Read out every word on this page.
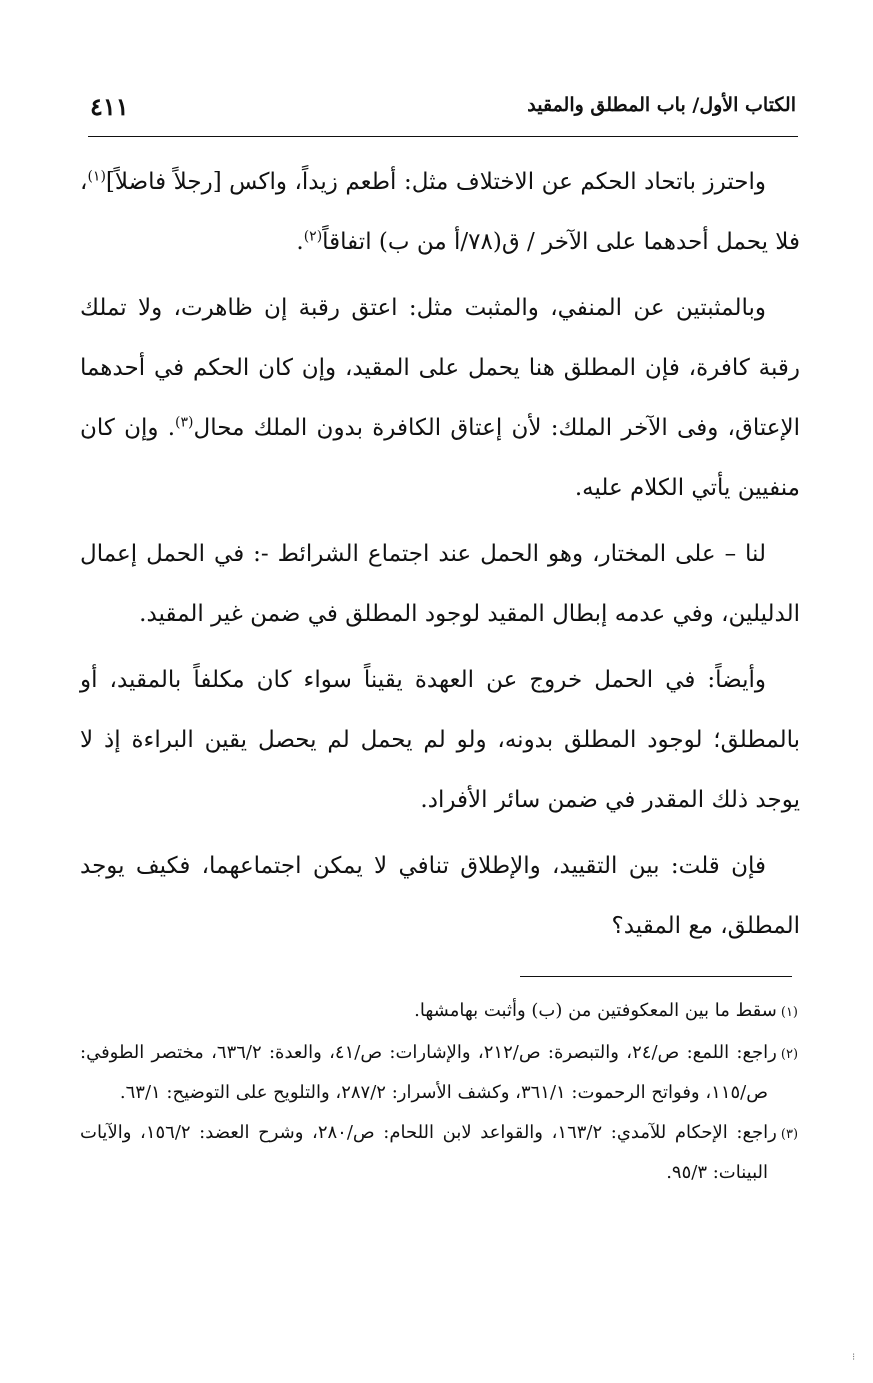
الكتاب الأول/ باب المطلق والمقيد
٤١١

واحترز باتحاد الحكم عن الاختلاف مثل: أطعم زيداً، واكس [رجلاً فاضلاً]$^{(١)}$، فلا يحمل أحدهما على الآخر / ق(٧٨/أ من ب) اتفاقاً$^{(٢)}$.

وبالمثبتين عن المنفي، والمثبت مثل: اعتق رقبة إن ظاهرت، ولا تملك رقبة كافرة، فإن المطلق هنا يحمل على المقيد، وإن كان الحكم في أحدهما الإعتاق، وفى الآخر الملك: لأن إعتاق الكافرة بدون الملك محال$^{(٣)}$. وإن كان منفيين يأتي الكلام عليه.

لنا – على المختار، وهو الحمل عند اجتماع الشرائط -: في الحمل إعمال الدليلين، وفي عدمه إبطال المقيد لوجود المطلق في ضمن غير المقيد.

وأيضاً: في الحمل خروج عن العهدة يقيناً سواء كان مكلفاً بالمقيد، أو بالمطلق؛ لوجود المطلق بدونه، ولو لم يحمل لم يحصل يقين البراءة إذ لا يوجد ذلك المقدر في ضمن سائر الأفراد.

فإن قلت: بين التقييد، والإطلاق تنافي لا يمكن اجتماعهما، فكيف يوجد المطلق، مع المقيد؟

(١)سقط ما بين المعكوفتين من (ب) وأثبت بهامشها.

(٢)راجع: اللمع: ص/٢٤، والتبصرة: ص/٢١٢، والإشارات: ص/٤١، والعدة: ٦٣٦/٢، مختصر الطوفي: ص/١١٥، وفواتح الرحموت: ٣٦١/١، وكشف الأسرار: ٢٨٧/٢، والتلويح على التوضيح: ٦٣/١.

(٣)راجع: الإحكام للآمدي: ١٦٣/٢، والقواعد لابن اللحام: ص/٢٨٠، وشرح العضد: ١٥٦/٢، والآيات البينات: ٩٥/٣.

⁝
